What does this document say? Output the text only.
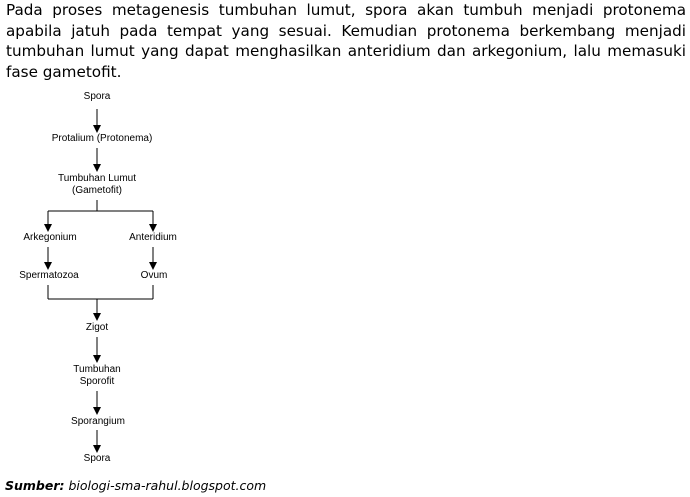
Pada proses metagenesis tumbuhan lumut, spora akan tumbuh menjadi protonema apabila jatuh pada tempat yang sesuai. Kemudian protonema berkembang menjadi tumbuhan lumut yang dapat menghasilkan anteridium dan arkegonium, lalu memasuki fase gametofit.
Spora
Protalium (Protonema)
Tumbuhan Lumut
(Gametofit)
Arkegonium	Anteridium
Spermatozoa	Ovum
Zigot
Tumbuhan
Sporofit
Sporangium
Spora
Sumber: biologi-sma-rahul.blogspot.com
